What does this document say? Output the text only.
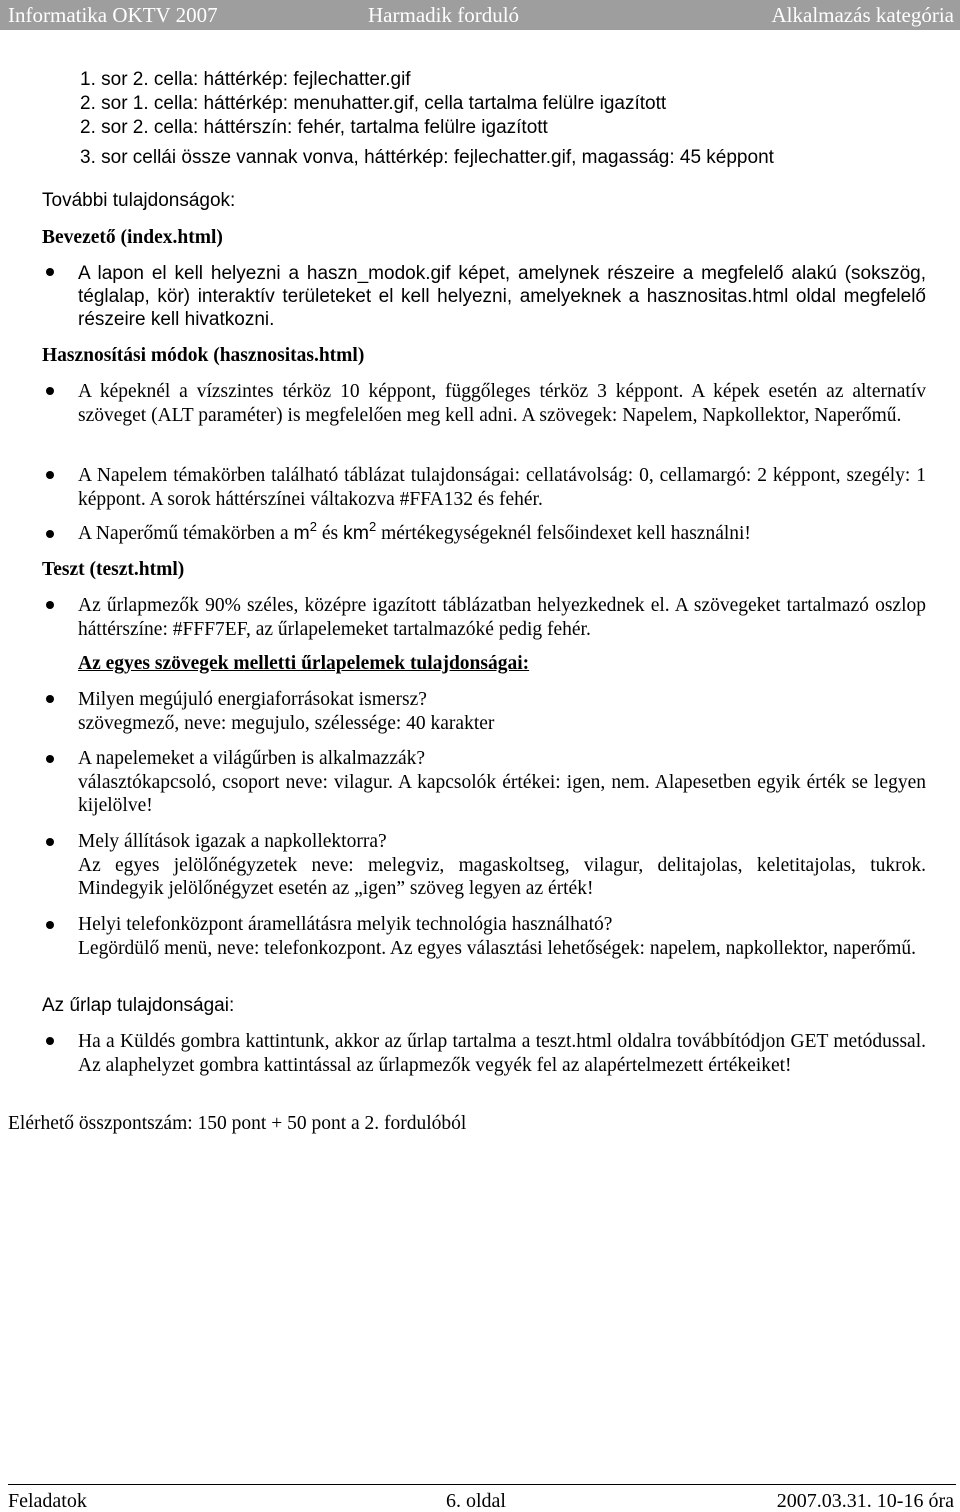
Informatika OKTV 2007	Harmadik forduló	Alkalmazás kategória
1. sor 2. cella: háttérkép: fejlechatter.gif
2. sor 1. cella: háttérkép: menuhatter.gif, cella tartalma felülre igazított
2. sor 2. cella: háttérszín: fehér, tartalma felülre igazított
3. sor cellái össze vannak vonva, háttérkép: fejlechatter.gif, magasság: 45 képpont
További tulajdonságok:
Bevezető (index.html)
A lapon el kell helyezni a haszn_modok.gif képet, amelynek részeire a megfelelő alakú (sokszög, téglalap, kör) interaktív területeket el kell helyezni, amelyeknek a hasznositas.html oldal megfelelő részeire kell hivatkozni.
Hasznosítási módok (hasznositas.html)
A képeknél a vízszintes térköz 10 képpont, függőleges térköz 3 képpont. A képek esetén az alternatív szöveget (ALT paraméter) is megfelelően meg kell adni. A szövegek: Napelem, Napkollektor, Naperőmű.
A Napelem témakörben található táblázat tulajdonságai: cellatávolság: 0, cellamargó: 2 képpont, szegély: 1 képpont. A sorok háttérszínei váltakozva #FFA132 és fehér.
A Naperőmű témakörben a $m^2$ és $km^2$ mértékegységeknél felsőindexet kell használni!
Teszt (teszt.html)
Az űrlapmezők 90% széles, középre igazított táblázatban helyezkednek el. A szövegeket tartalmazó oszlop háttérszíne: #FFF7EF, az űrlapelemeket tartalmazóké pedig fehér.
Az egyes szövegek melletti űrlapelemek tulajdonságai:
Milyen megújuló energiaforrásokat ismersz?
szövegmező, neve: megujulo, szélessége: 40 karakter
A napelemeket a világűrben is alkalmazzák?
választókapcsoló, csoport neve: vilagur. A kapcsolók értékei: igen, nem. Alapesetben egyik érték se legyen kijelölve!
Mely állítások igazak a napkollektorra?
Az egyes jelölőnégyzetek neve: melegviz, magaskoltseg, vilagur, delitajolas, keletitajolas, tukrok. Mindegyik jelölőnégyzet esetén az „igen” szöveg legyen az érték!
Helyi telefonközpont áramellátásra melyik technológia használható?
Legördülő menü, neve: telefonkozpont. Az egyes választási lehetőségek: napelem, napkollektor, naperőmű.
Az űrlap tulajdonságai:
Ha a Küldés gombra kattintunk, akkor az űrlap tartalma a teszt.html oldalra továbbítódjon GET metódussal. Az alaphelyzet gombra kattintással az űrlapmezők vegyék fel az alapértelmezett értékeiket!
Elérhető összpontszám: 150 pont + 50 pont a 2. fordulóból
Feladatok	6. oldal	2007.03.31. 10-16 óra
